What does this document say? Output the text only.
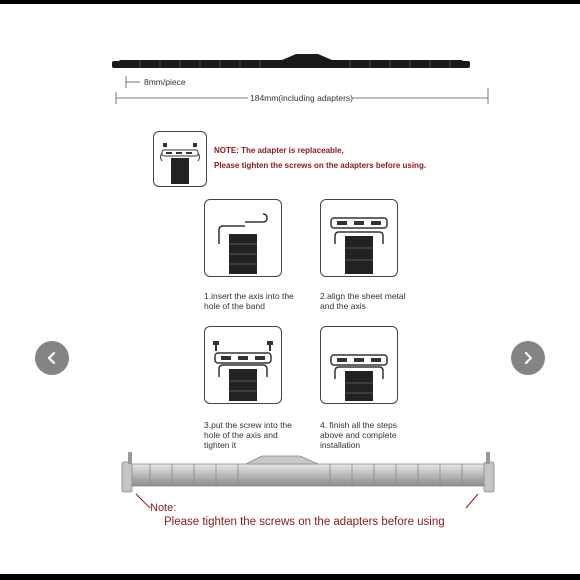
8mm/piece
184mm(including adapters)
NOTE: The adapter is replaceable,
Please tighten the screws on the adapters before using.
1.insert the axis into the
hole of the band
2.align the sheet metal
and the axis
3.put the screw into the
hole of the axis and
tighten it
4. finish all the steps
above and complete
installation
Note:
Please tighten the screws on the adapters before using
